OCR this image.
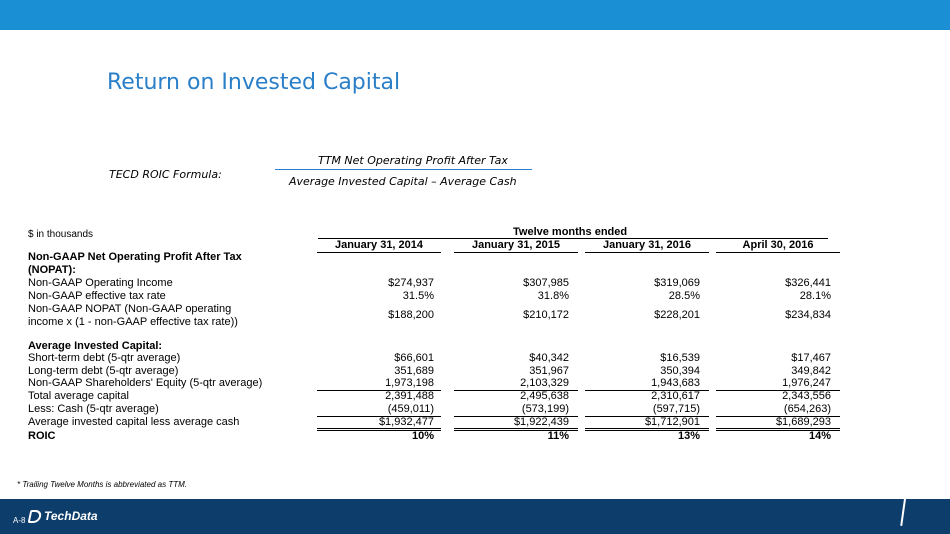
Return on Invested Capital
TECD ROIC Formula:
TTM Net Operating Profit After Tax
Average Invested Capital – Average Cash
$ in thousands	Twelve months ended
January 31, 2014	January 31, 2015	January 31, 2016	April 30, 2016
Non-GAAP Net Operating Profit After Tax
(NOPAT):
Non-GAAP Operating Income	$274,937	$307,985	$319,069	$326,441
Non-GAAP effective tax rate	31.5%	31.8%	28.5%	28.1%
Non-GAAP NOPAT (Non-GAAP operating
income x (1 - non-GAAP effective tax rate))
$188,200	$210,172	$228,201	$234,834
Average Invested Capital:
Short-term debt (5-qtr average)	$66,601	$40,342	$16,539	$17,467
Long-term debt (5-qtr average)	351,689	351,967	350,394	349,842
Non-GAAP Shareholders' Equity (5-qtr average)	1,973,198	2,103,329	1,943,683	1,976,247
Total average capital	2,391,488	2,495,638	2,310,617	2,343,556
Less: Cash (5-qtr average)	(459,011)	(573,199)	(597,715)	(654,263)
Average invested capital less average cash	$1,932,477	$1,922,439	$1,712,901	$1,689,293
ROIC	10%	11%	13%	14%
* Trailing Twelve Months is abbreviated as TTM.
A-8 TechData
